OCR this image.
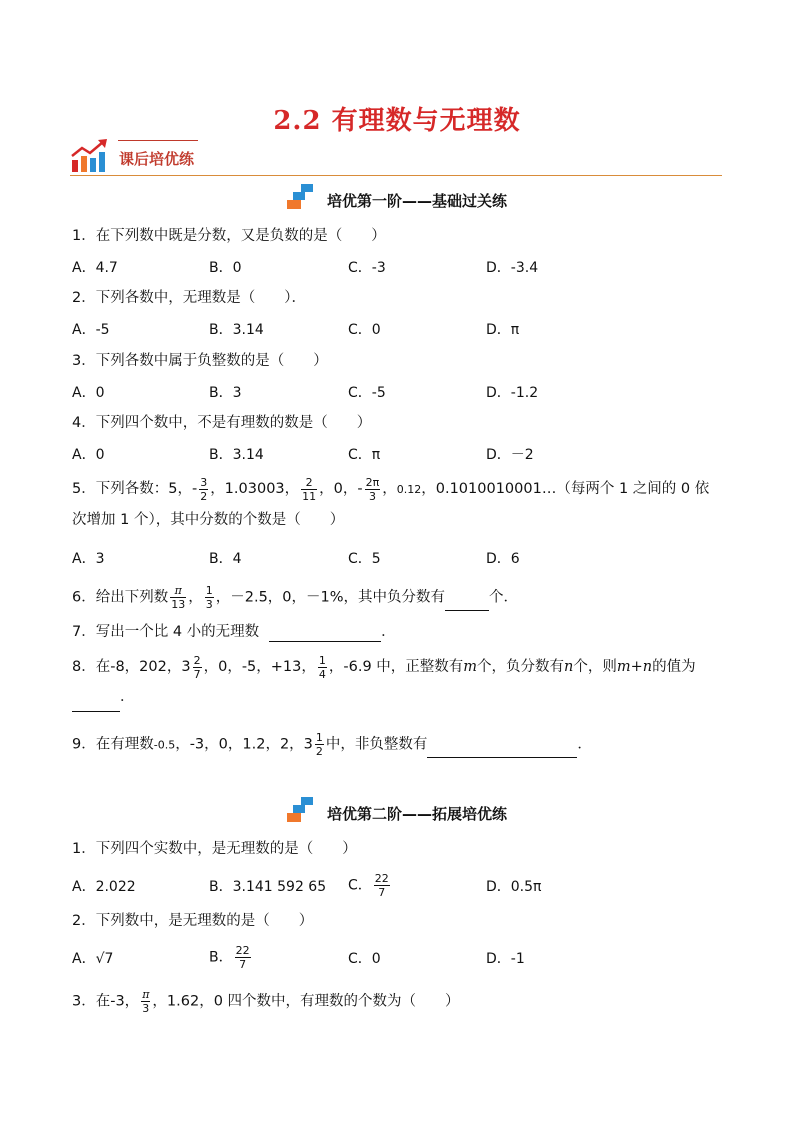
2.2 有理数与无理数
课后培优练
培优第一阶——基础过关练
1．在下列数中既是分数，又是负数的是（　　）
A．4.7	B．0	C．-3	D．-3.4
2．下列各数中，无理数是（　　）．
A．-5	B．3.14	C．0	D．π
3．下列各数中属于负整数的是（　　）
A．0	B．3	C．-5	D．-1.2
4．下列四个数中，不是有理数的数是（　　）
A．0	B．3.14	C．π	D．－2
5．下列各数：5，- $\frac{3}{2}$ ，1.03003， $\frac{2}{11}$ ，0，- $\frac{2\pi}{3}$ ，0.12，0.1010010001…（每两个 1 之间的 0 依次增加 1 个），其中分数的个数是（　　）
A．3	B．4	C．5	D．6
6．给出下列数 $\frac{\pi}{13}$ ， $\frac{1}{3}$ ，－2.5，0，－1%，其中负分数有	个．
7．写出一个比 4 小的无理数	．
8．在-8，202，$3 \frac{2}{7}$ ，0，-5，+13， $\frac{1}{4}$ ，-6.9 中，正整数有m个，负分数有n个，则m+n的值为．
9．在有理数-0.5，-3，0，1.2，2，$3 \frac{1}{2}$ 中，非负整数有	．
培优第二阶——拓展培优练
1．下列四个实数中，是无理数的是（　　）
A．2.022	B．3.141 592 65 C． $\frac{22}{7}$	D．0.5π
2．下列数中，是无理数的是（　　）
A．√7	B． $\frac{22}{7}$	C．0	D．-1
3．在-3， $\frac{\pi}{3}$ ，1.62，0 四个数中，有理数的个数为（　　）
